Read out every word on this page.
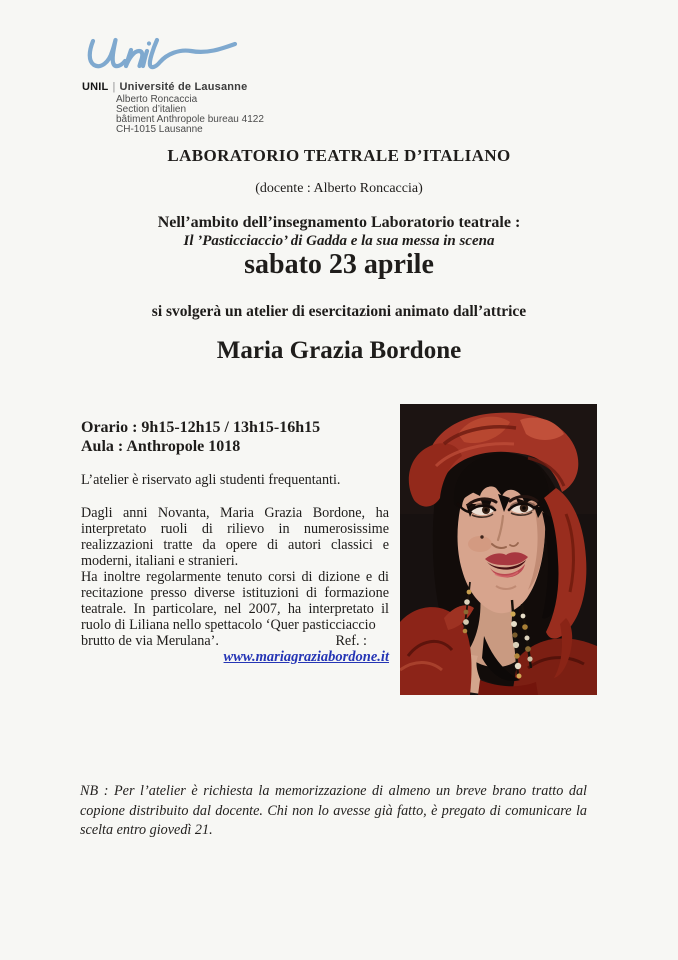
UNIL | Université de Lausanne
Alberto Roncaccia
Section d’italien
bâtiment Anthropole bureau 4122
CH-1015 Lausanne
LABORATORIO TEATRALE D’ITALIANO
(docente : Alberto Roncaccia)
Nell’ambito dell’insegnamento Laboratorio teatrale :
Il ’Pasticciaccio’ di Gadda e la sua messa in scena
sabato 23 aprile
si svolgerà un atelier di esercitazioni animato dall’attrice
Maria Grazia Bordone
Orario : 9h15-12h15 / 13h15-16h15
Aula : Anthropole 1018
L’atelier è riservato agli studenti frequentanti.

Dagli anni Novanta, Maria Grazia Bordone, ha interpretato ruoli di rilievo in numerosissime realizzazioni tratte da opere di autori classici e moderni, italiani e stranieri.

Ha inoltre regolarmente tenuto corsi di dizione e di recitazione presso diverse istituzioni di formazione teatrale. In particolare, nel 2007, ha interpretato il ruolo di Liliana nello spettacolo ‘Quer pasticciaccio

brutto de via Merulana’.	Ref. :
www.mariagraziabordone.it

NB : Per l’atelier è richiesta la memorizzazione di almeno un breve brano tratto dal copione distribuito dal docente. Chi non lo avesse già fatto, è pregato di comunicare la scelta entro giovedì 21.
